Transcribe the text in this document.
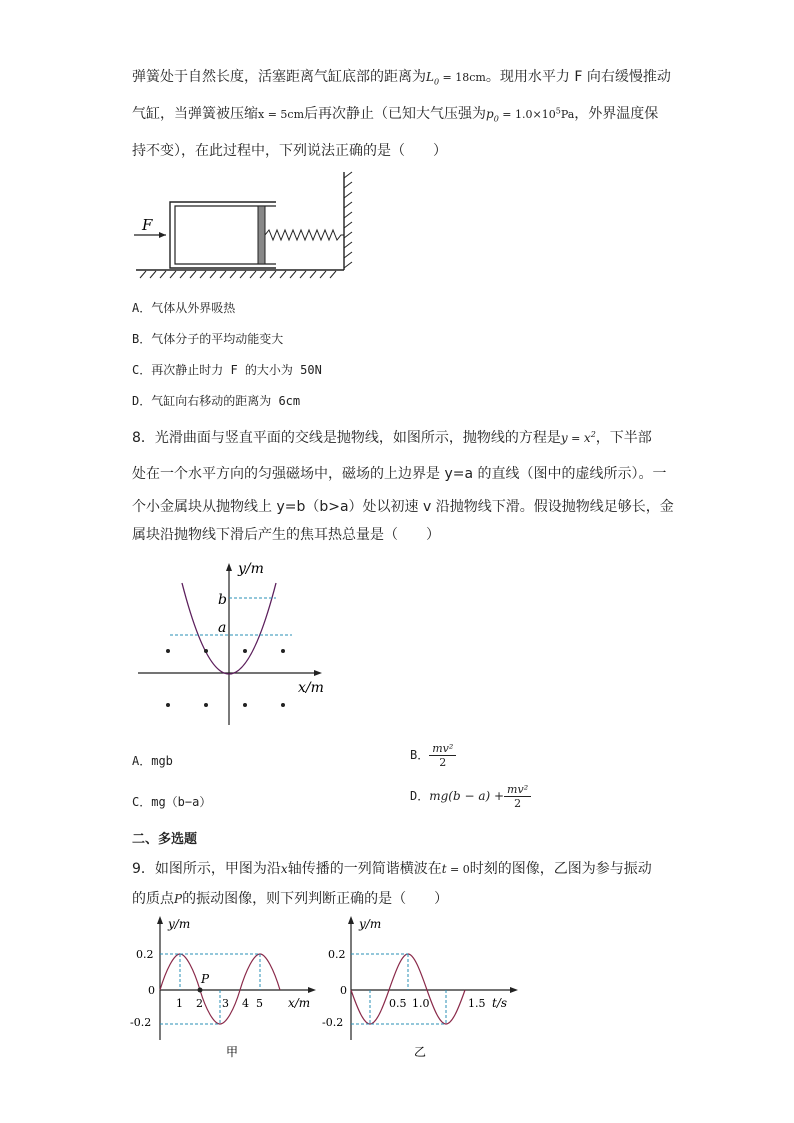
弹簧处于自然长度，活塞距离气缸底部的距离为$L_0 = 18cm$。现用水平力 F 向右缓慢推动
气缸，当弹簧被压缩x = 5cm后再次静止（已知大气压强为$p_0 = 1.0\times 10^5Pa$，外界温度保
持不变），在此过程中，下列说法正确的是（　　）
F
A．气体从外界吸热
B．气体分子的平均动能变大
C．再次静止时力 F 的大小为 50N
D．气缸向右移动的距离为 6cm
8．光滑曲面与竖直平面的交线是抛物线，如图所示，抛物线的方程是$y = x^2$，下半部
处在一个水平方向的匀强磁场中，磁场的上边界是 y=a 的直线（图中的虚线所示）。一
个小金属块从抛物线上 y=b（b>a）处以初速 v 沿抛物线下滑。假设抛物线足够长，金
属块沿抛物线下滑后产生的焦耳热总量是（　　）
y/m
x/m
b
a
A．mgb	B． $\frac{\text{mv²}}{2}$
C．mg（b−a）	D．$mg(b - a) + \frac{\text{mv²}}{2}$
二、多选题
9．如图所示，甲图为沿x轴传播的一列简谐横波在t = 0时刻的图像，乙图为参与振动
的质点P的振动图像，则下列判断正确的是（　　）
y/m
x/m
0.2
0
-0.2
P
1 2 3 4 5
甲
y/m
t/s
0.2
0
-0.2
0.5 1.0	1.5
乙
